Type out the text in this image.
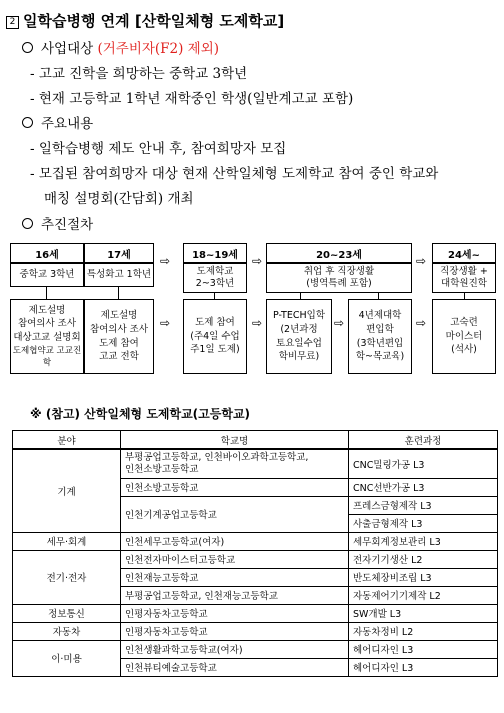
2 일학습병행 연계 [산학일체형 도제학교]
사업대상 (거주비자(F2) 제외)
- 고교 진학을 희망하는 중학교 3학년
- 현재 고등학교 1학년 재학중인 학생(일반계고교 포함)
주요내용
- 일학습병행 제도 안내 후, 참여희망자 모집
- 모집된 참여희망자 대상 현재 산학일체형 도제학교 참여 중인 학교와
매칭 설명회(간담회) 개최
추진절차
16세
중학교 3학년
제도설명
참여의사 조사
대상고교 설명회
도제협약교 고교진학
17세
특성화고 1학년
제도설명
참여의사 조사
도제 참여
고교 전학
⇨
⇨
18~19세
도제학교
2~3학년
도제 참여
(주4일 수업
주1일 도제)
⇨
⇨
20~23세
취업 후 직장생활
(병역특례 포함)
P-TECH입학
(2년과정
토요일수업
학비무료)
⇨
4년제대학
편입학
(3학년편입
학~목교육)
⇨
⇨
24세~
직장생활 +
대학원진학
고숙련
마이스터
(석사)
※ (참고) 산학일체형 도제학교(고등학교)
분야	학교명	훈련과정
기계	부평공업고등학교, 인천바이오과학고등학교,
인천소방고등학교	CNC밀링가공 L3
	인천소방고등학교	CNC선반가공 L3
	인천기계공업고등학교	프레스금형제작 L3
		사출금형제작 L3
세무·회계	인천세무고등학교(여자)	세무회계정보관리 L3
전기·전자	인천전자마이스터고등학교	전자기기생산 L2
	인천재능고등학교	반도체장비조립 L3
	부평공업고등학교, 인천재능고등학교	자동제어기기제작 L2
정보통신	인평자동차고등학교	SW개발 L3
자동차	인평자동차고등학교	자동차정비 L2
이·미용	인천생활과학고등학교(여자)	헤어디자인 L3
	인천뷰티예술고등학교	헤어디자인 L3
